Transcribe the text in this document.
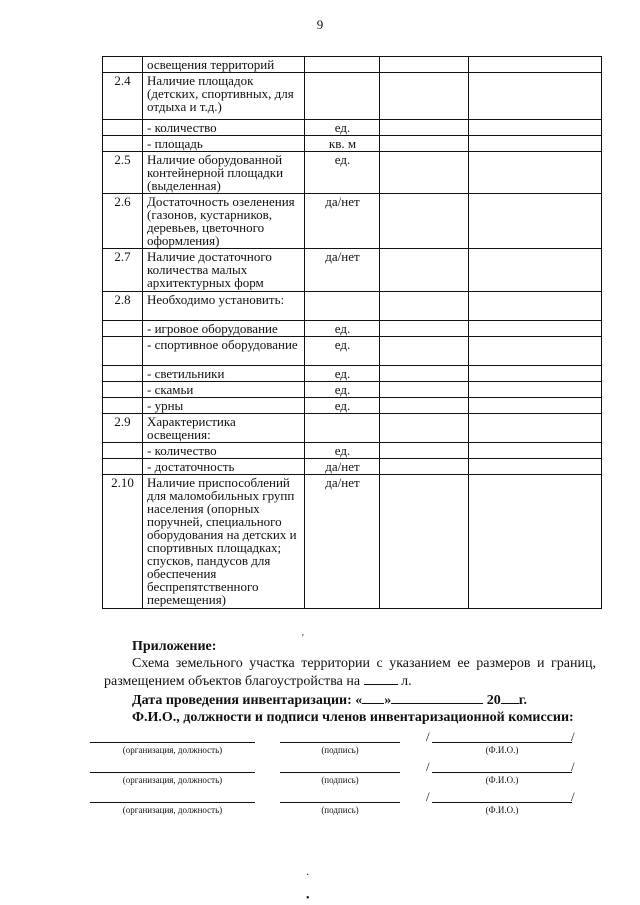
9
	освещения территорий			
2.4	Наличие площадок (детских, спортивных, для отдыха и т.д.)			
	- количество	ед.		
	- площадь	кв. м		
2.5	Наличие оборудованной контейнерной площадки (выделенная)	ед.		
2.6	Достаточность озеленения (газонов, кустарников, деревьев, цветочного оформления)	да/нет		
2.7	Наличие достаточного количества малых архитектурных форм	да/нет		
2.8	Необходимо установить:			
	- игровое оборудование	ед.		
	- спортивное оборудование	ед.		
	- светильники	ед.		
	- скамьи	ед.		
	- урны	ед.		
2.9	Характеристика освещения:			
	- количество	ед.		
	- достаточность	да/нет		
2.10	Наличие приспособлений для маломобильных групп населения (опорных поручней, специального оборудования на детских и спортивных площадках; спусков, пандусов для обеспечения беспрепятственного перемещения)	да/нет		
Приложение:

Схема земельного участка территории с указанием ее размеров и границ, размещением объектов благоустройства на	л.

Дата проведения инвентаризации: « »	20 г.
Ф.И.О., должности и подписи членов инвентаризационной комиссии:
(организация, должность)	(подпись)
/	/
(Ф.И.О.)
(организация, должность)	(подпись)
/	/
(Ф.И.О.)
(организация, должность)	(подпись)
/	/
(Ф.И.О.)
'
·
•
